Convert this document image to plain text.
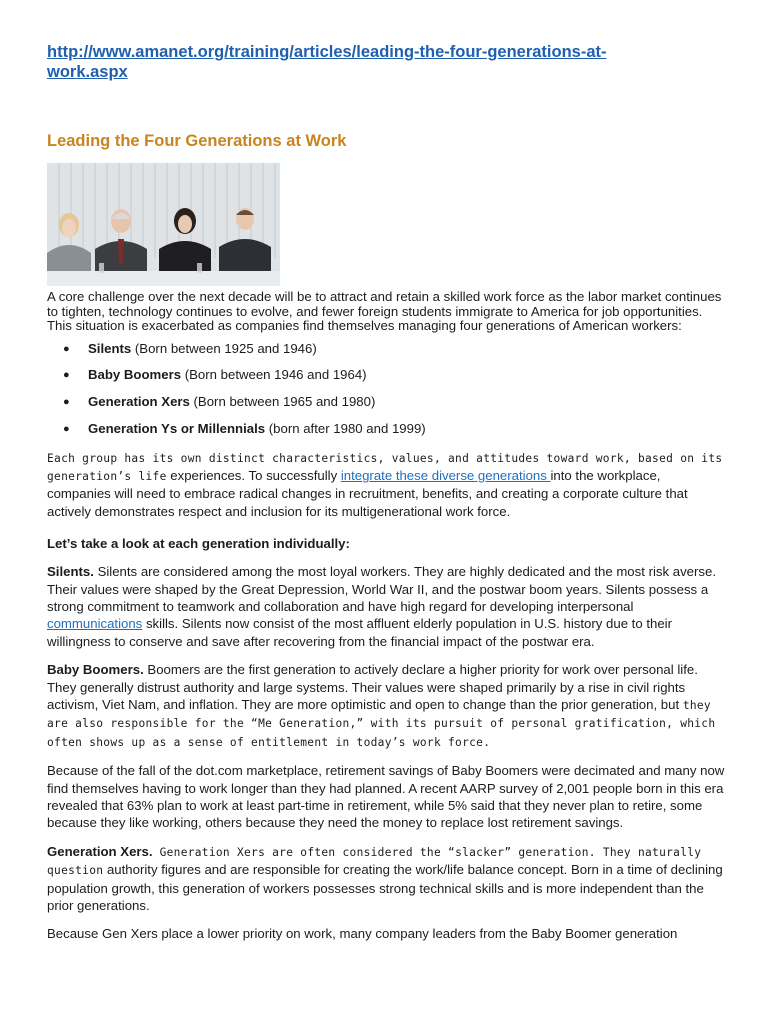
http://www.amanet.org/training/articles/leading-the-four-generations-at-
work.aspx
Leading the Four Generations at Work

A core challenge over the next decade will be to attract and retain a skilled work force as the labor market continues to tighten, technology continues to evolve, and fewer foreign students immigrate to America for job opportunities. This situation is exacerbated as companies find themselves managing four generations of American workers:

● Silents (Born between 1925 and 1946)
● Baby Boomers (Born between 1946 and 1964)
● Generation Xers (Born between 1965 and 1980)
● Generation Ys or Millennials (born after 1980 and 1999)

Each group has its own distinct characteristics, values, and attitudes toward work, based on its generation’s life experiences. To successfully integrate these diverse generations into the workplace, companies will need to embrace radical changes in recruitment, benefits, and creating a corporate culture that actively demonstrates respect and inclusion for its multigenerational work force.

Let’s take a look at each generation individually:

Silents. Silents are considered among the most loyal workers. They are highly dedicated and the most risk averse. Their values were shaped by the Great Depression, World War II, and the postwar boom years. Silents possess a strong commitment to teamwork and collaboration and have high regard for developing interpersonal communications skills. Silents now consist of the most affluent elderly population in U.S. history due to their willingness to conserve and save after recovering from the financial impact of the postwar era.

Baby Boomers. Boomers are the first generation to actively declare a higher priority for work over personal life. They generally distrust authority and large systems. Their values were shaped primarily by a rise in civil rights activism, Viet Nam, and inflation. They are more optimistic and open to change than the prior generation, but they are also responsible for the “Me Generation,” with its pursuit of personal gratification, which often shows up as a sense of entitlement in today’s work force.

Because of the fall of the dot.com marketplace, retirement savings of Baby Boomers were decimated and many now find themselves having to work longer than they had planned. A recent AARP survey of 2,001 people born in this era revealed that 63% plan to work at least part-time in retirement, while 5% said that they never plan to retire, some because they like working, others because they need the money to replace lost retirement savings.

Generation Xers. Generation Xers are often considered the “slacker” generation. They naturally question authority figures and are responsible for creating the work/life balance concept. Born in a time of declining population growth, this generation of workers possesses strong technical skills and is more independent than the prior generations.

Because Gen Xers place a lower priority on work, many company leaders from the Baby Boomer generation
